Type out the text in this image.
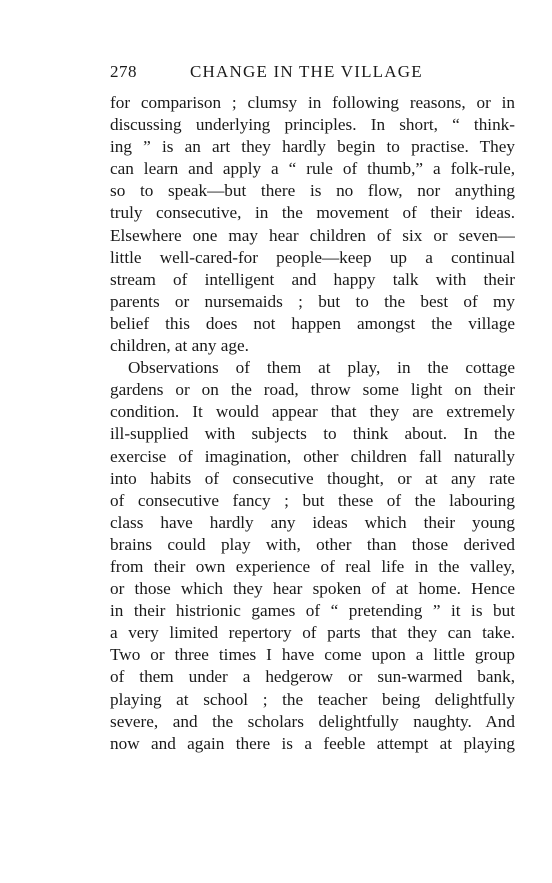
278	CHANGE IN THE VILLAGE
for comparison ; clumsy in following reasons, or in
discussing underlying principles. In short, “ think-
ing ” is an art they hardly begin to practise. They
can learn and apply a “ rule of thumb,” a folk-rule,
so to speak—but there is no flow, nor anything
truly consecutive, in the movement of their ideas.
Elsewhere one may hear children of six or seven—
little well-cared-for people—keep up a continual
stream of intelligent and happy talk with their
parents or nursemaids ; but to the best of my
belief this does not happen amongst the village
children, at any age.
Observations of them at play, in the cottage
gardens or on the road, throw some light on their
condition. It would appear that they are extremely
ill-supplied with subjects to think about. In the
exercise of imagination, other children fall naturally
into habits of consecutive thought, or at any rate
of consecutive fancy ; but these of the labouring
class have hardly any ideas which their young
brains could play with, other than those derived
from their own experience of real life in the valley,
or those which they hear spoken of at home. Hence
in their histrionic games of “ pretending ” it is but
a very limited repertory of parts that they can take.
Two or three times I have come upon a little group
of them under a hedgerow or sun-warmed bank,
playing at school ; the teacher being delightfully
severe, and the scholars delightfully naughty. And
now and again there is a feeble attempt at playing
